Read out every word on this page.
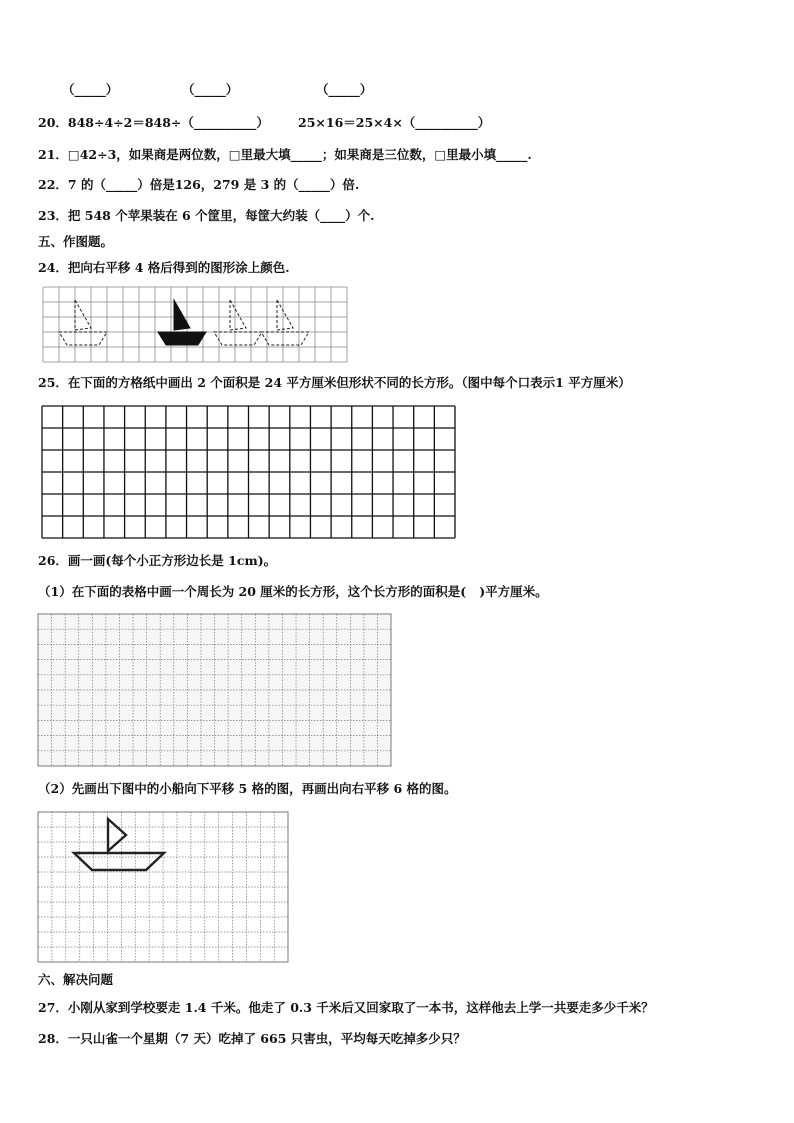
（_____）	（_____）	（_____）
20．848÷4÷2＝848÷（__________） 25×16＝25×4×（__________）
21．□42÷3，如果商是两位数，□里最大填_____；如果商是三位数，□里最小填_____.
22．7 的（_____）倍是126，279 是 3 的（_____）倍.
23．把 548 个苹果装在 6 个筐里，每筐大约装（____）个.
五、作图题。
24．把向右平移 4 格后得到的图形涂上颜色.
25．在下面的方格纸中画出 2 个面积是 24 平方厘米但形状不同的长方形。（图中每个口表示1 平方厘米）
26．画一画(每个小正方形边长是 1cm)。
（1）在下面的表格中画一个周长为 20 厘米的长方形，这个长方形的面积是(   )平方厘米。
（2）先画出下图中的小船向下平移 5 格的图，再画出向右平移 6 格的图。
六、解决问题
27．小刚从家到学校要走 1.4 千米。他走了 0.3 千米后又回家取了一本书，这样他去上学一共要走多少千米？
28．一只山雀一个星期（7 天）吃掉了 665 只害虫，平均每天吃掉多少只？
